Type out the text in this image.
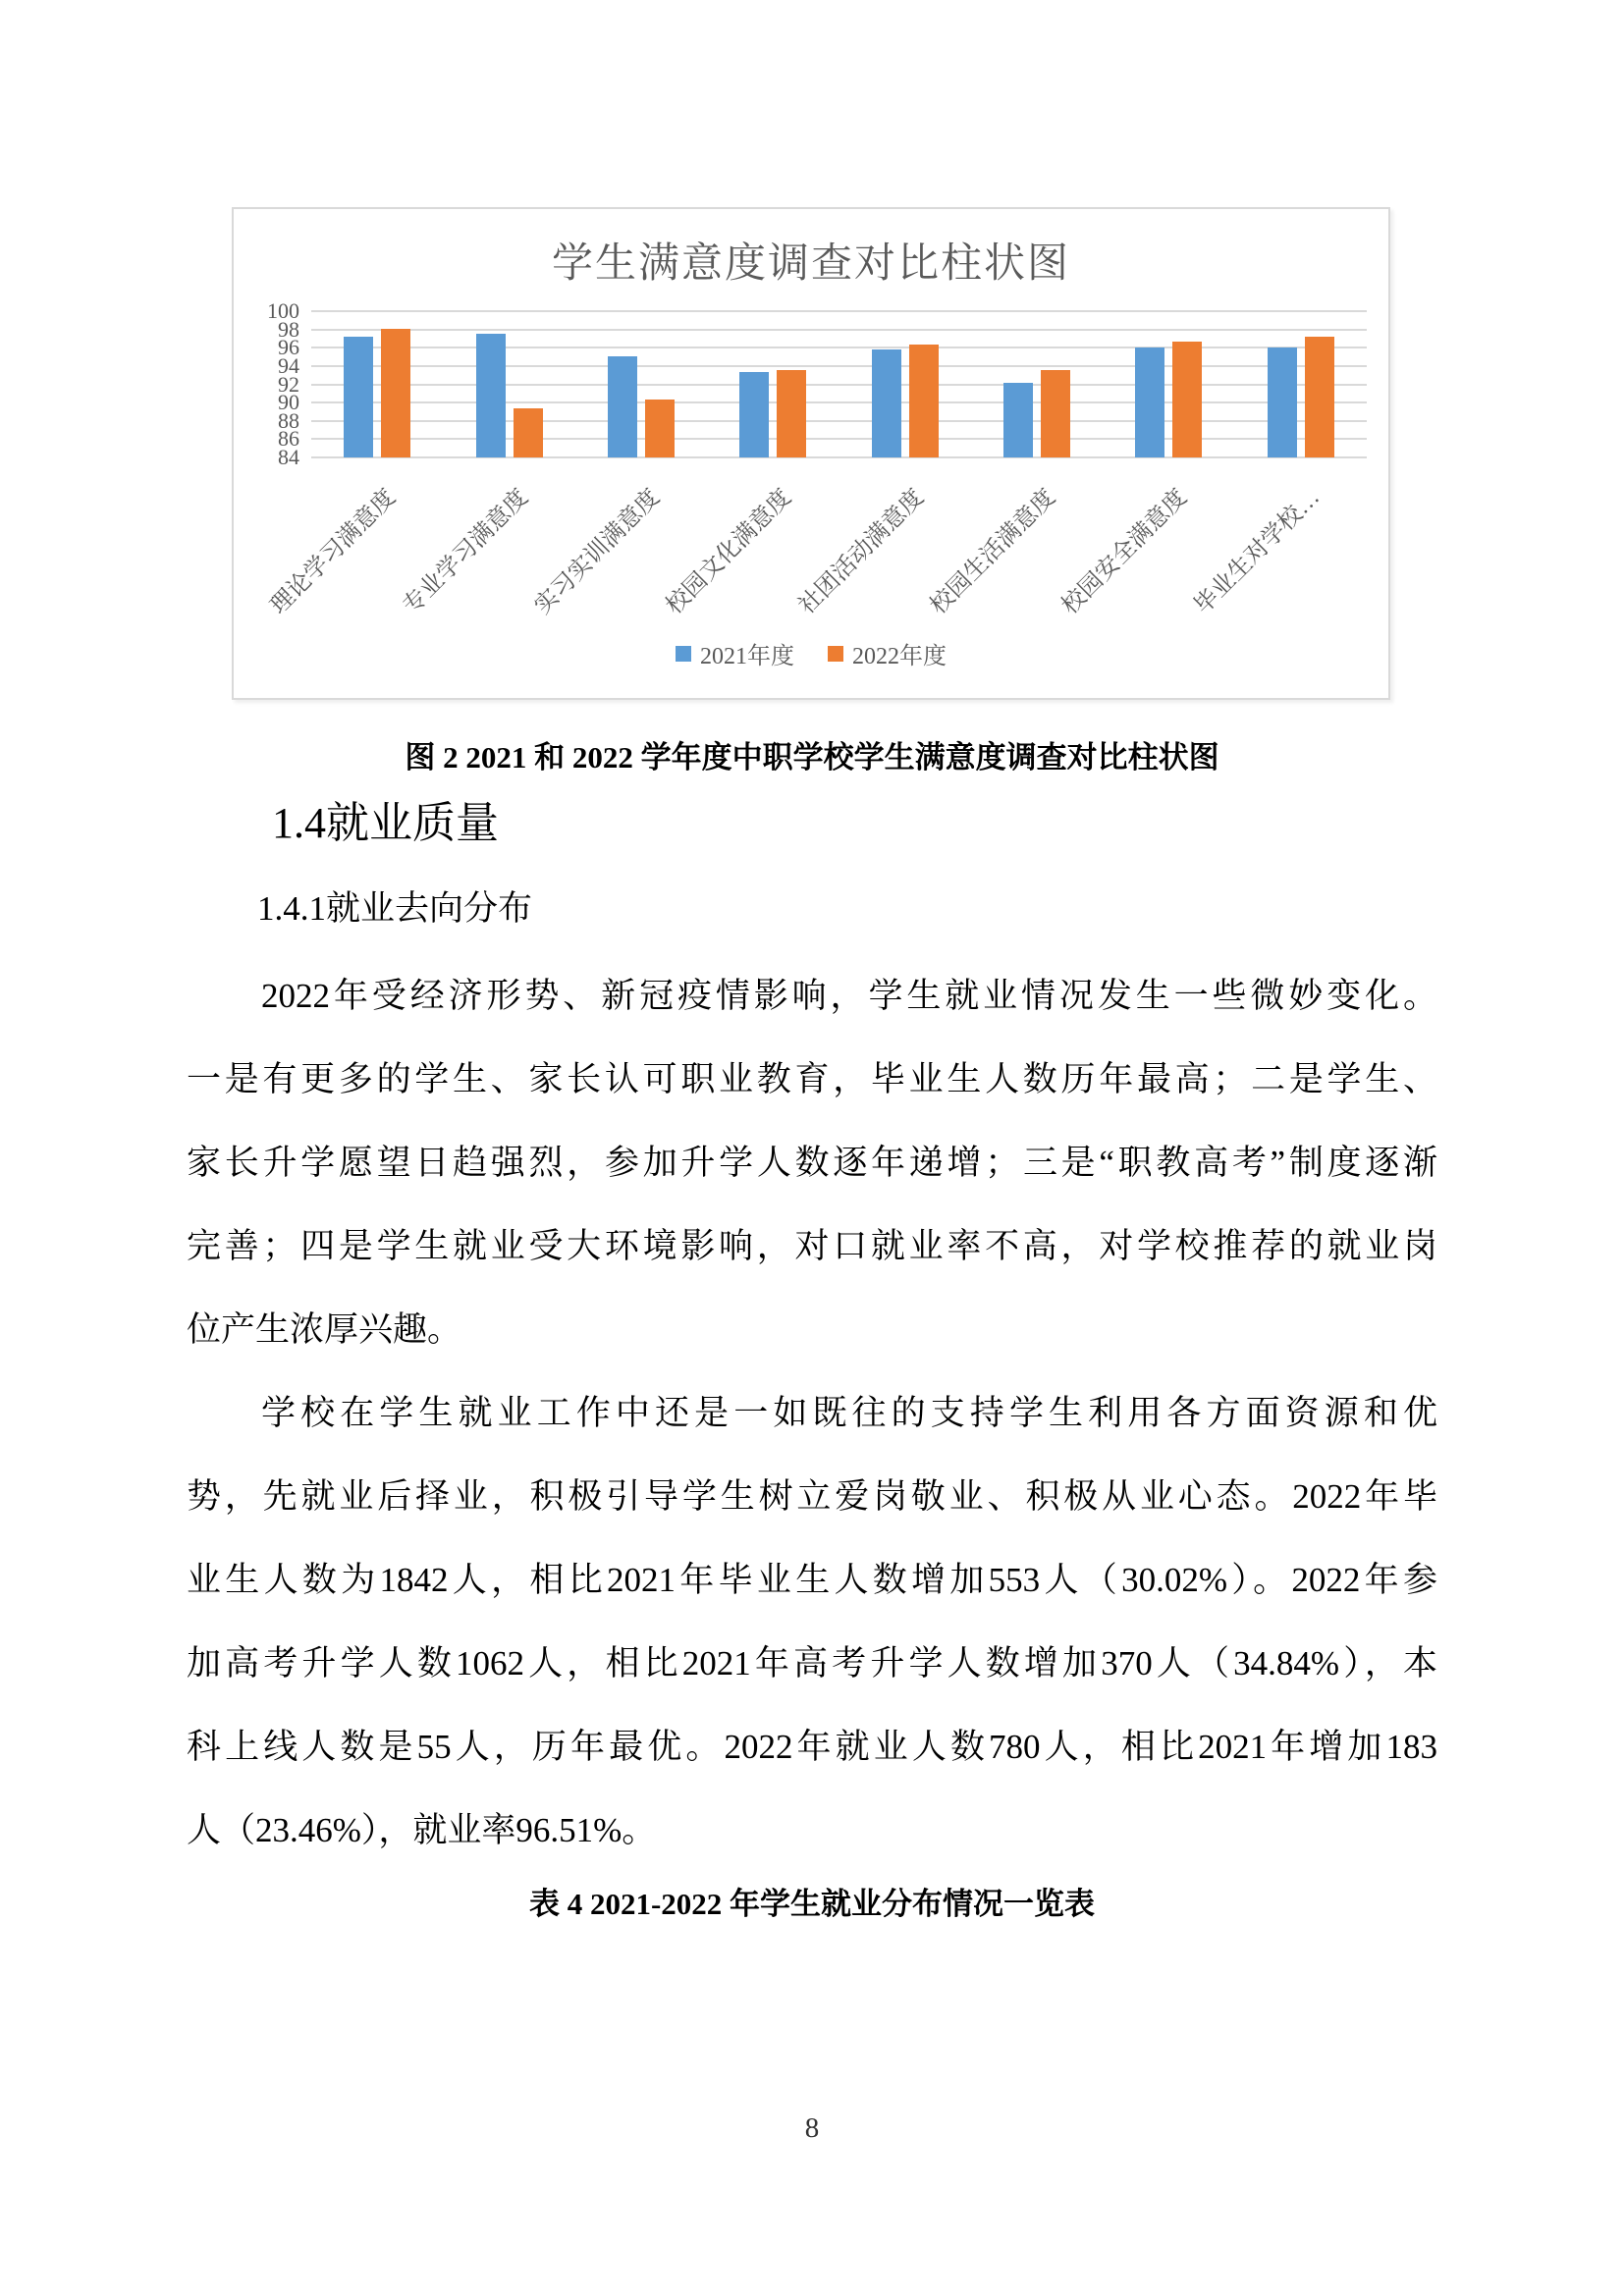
学生满意度调查对比柱状图
84
86
88
90
92
94
96
98
100
理论学习满意度
专业学习满意度
实习实训满意度
校园文化满意度
社团活动满意度
校园生活满意度
校园安全满意度
毕业生对学校…
2021年度 2022年度
图 2 2021 和 2022 学年度中职学校学生满意度调查对比柱状图
1.4就业质量
1.4.1就业去向分布
2022年受经济形势、新冠疫情影响，学生就业情况发生一些微妙变化。
一是有更多的学生、家长认可职业教育，毕业生人数历年最高；二是学生、
家长升学愿望日趋强烈，参加升学人数逐年递增；三是“职教高考”制度逐渐
完善；四是学生就业受大环境影响，对口就业率不高，对学校推荐的就业岗
位产生浓厚兴趣。
学校在学生就业工作中还是一如既往的支持学生利用各方面资源和优
势，先就业后择业，积极引导学生树立爱岗敬业、积极从业心态。2022年毕
业生人数为1842人，相比2021年毕业生人数增加553人（30.02%）。2022年参
加高考升学人数1062人，相比2021年高考升学人数增加370人（34.84%），本
科上线人数是55人，历年最优。2022年就业人数780人，相比2021年增加183
人（23.46%），就业率96.51%。
表 4 2021-2022 年学生就业分布情况一览表
8
